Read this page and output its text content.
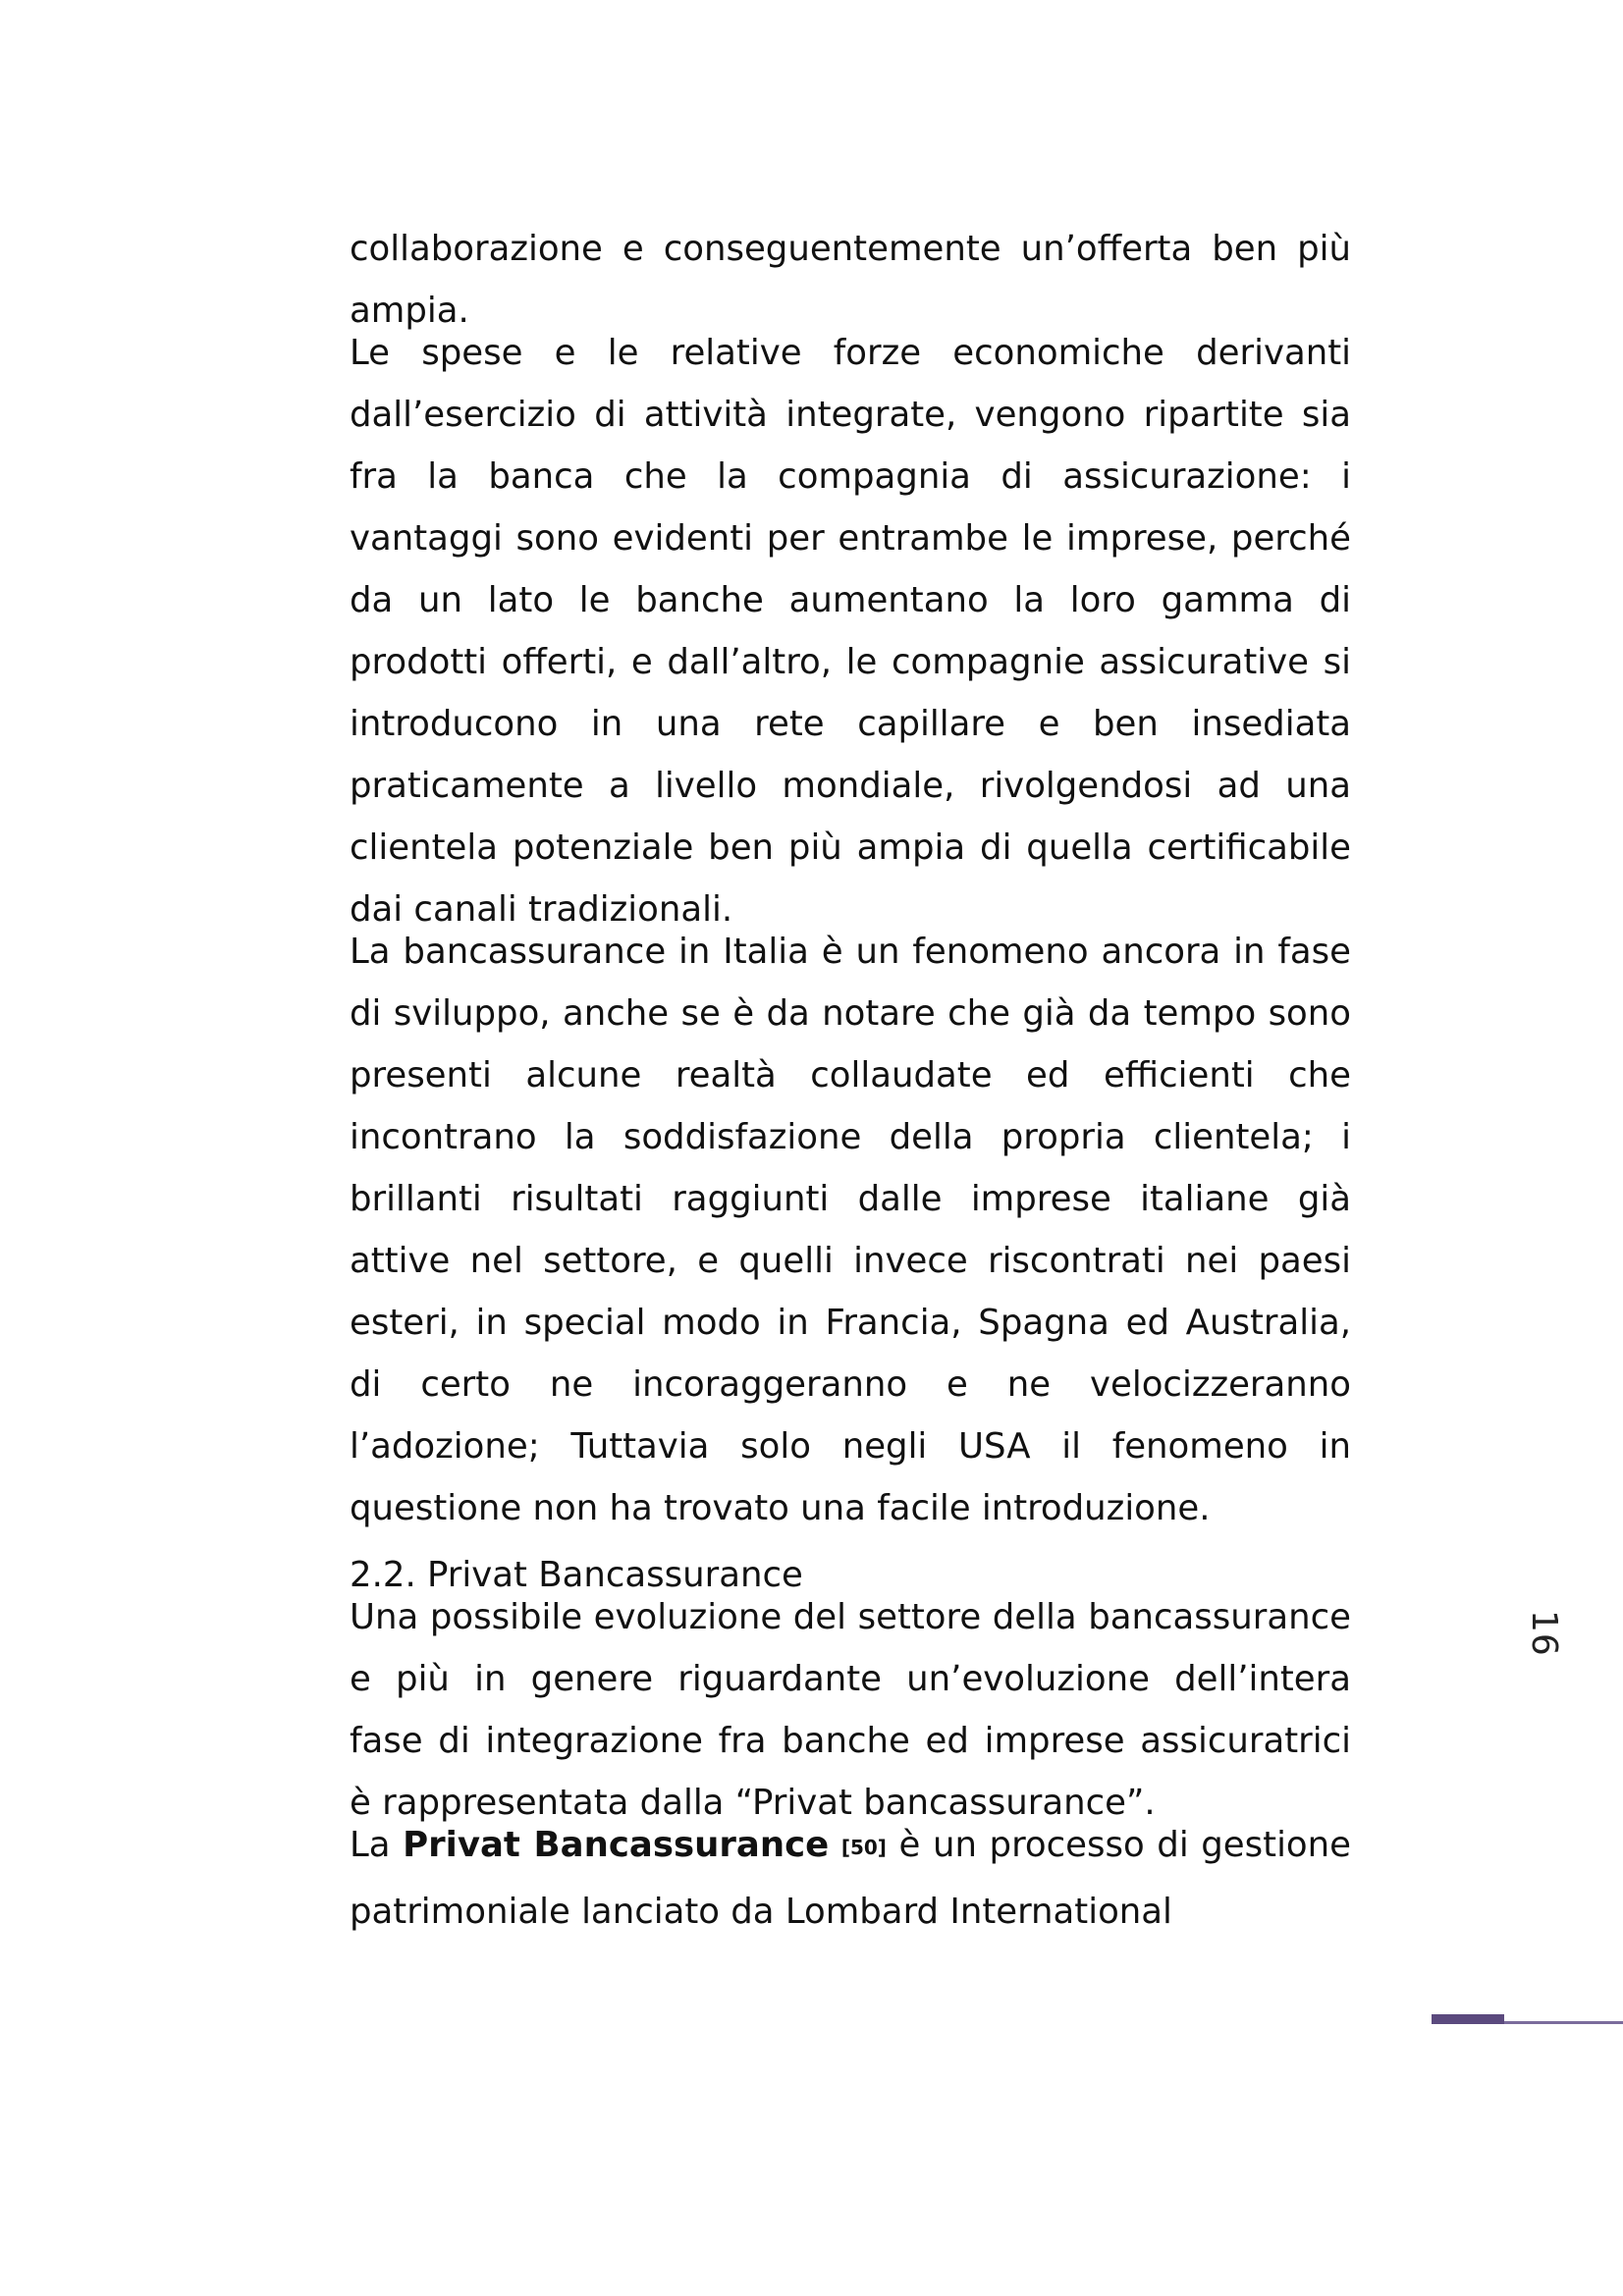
collaborazione e conseguentemente un’offerta ben più ampia.

Le spese e le relative forze economiche derivanti dall’esercizio di attività integrate, vengono ripartite sia fra la banca che la compagnia di assicurazione: i vantaggi sono evidenti per entrambe le imprese, perché da un lato le banche aumentano la loro gamma di prodotti offerti, e dall’altro, le compagnie assicurative si introducono in una rete capillare e ben insediata praticamente a livello mondiale, rivolgendosi ad una clientela potenziale ben più ampia di quella certificabile dai canali tradizionali.

La bancassurance in Italia è un fenomeno ancora in fase di sviluppo, anche se è da notare che già da tempo sono presenti alcune realtà collaudate ed efficienti che incontrano la soddisfazione della propria clientela; i brillanti risultati raggiunti dalle imprese italiane già attive nel settore, e quelli invece riscontrati nei paesi esteri, in special modo in Francia, Spagna ed Australia, di certo ne incoraggeranno e ne velocizzeranno l’adozione; Tuttavia solo negli USA il fenomeno in questione non ha trovato una facile introduzione.

2.2. Privat Bancassurance

Una possibile evoluzione del settore della bancassurance e più in genere riguardante un’evoluzione dell’intera fase di integrazione fra banche ed imprese assicuratrici è rappresentata dalla “Privat bancassurance”.

La Privat Bancassurance [50] è un processo di gestione patrimoniale lanciato da Lombard International

16
